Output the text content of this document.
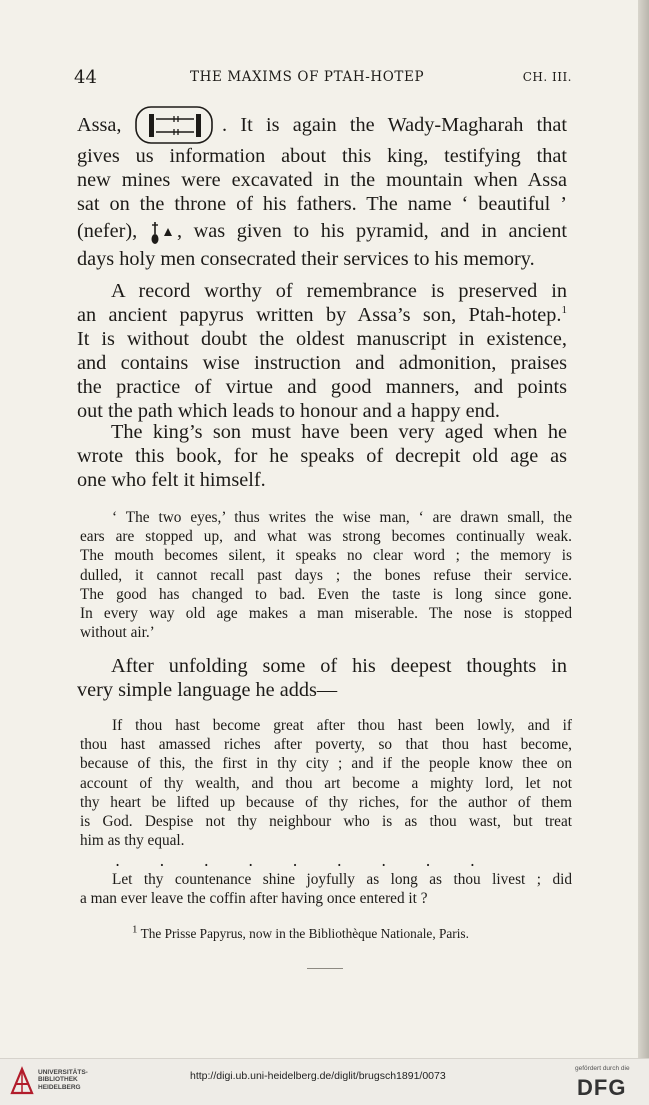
44	THE MAXIMS OF PTAH-HOTEP	CH. III.
Assa,	. It is again the Wady-Magharah that
gives us information about this king, testifying that
new mines were excavated in the mountain when Assa
sat on the throne of his fathers. The name ‘ beautiful ’
(nefer),	, was given to his pyramid, and in ancient
days holy men consecrated their services to his memory.
A record worthy of remembrance is preserved in
an ancient papyrus written by Assa’s son, Ptah-hotep.$^1$
It is without doubt the oldest manuscript in existence,
and contains wise instruction and admonition, praises
the practice of virtue and good manners, and points
out the path which leads to honour and a happy end.
The king’s son must have been very aged when he
wrote this book, for he speaks of decrepit old age as
one who felt it himself.
‘ The two eyes,’ thus writes the wise man, ‘ are drawn small, the
ears are stopped up, and what was strong becomes continually weak.
The mouth becomes silent, it speaks no clear word ; the memory is
dulled, it cannot recall past days ; the bones refuse their service.
The good has changed to bad. Even the taste is long since gone.
In every way old age makes a man miserable. The nose is stopped
without air.’
After unfolding some of his deepest thoughts in
very simple language he adds—
If thou hast become great after thou hast been lowly, and if
thou hast amassed riches after poverty, so that thou hast become,
because of this, the first in thy city ; and if the people know thee on
account of thy wealth, and thou art become a mighty lord, let not
thy heart be lifted up because of thy riches, for the author of them
is God. Despise not thy neighbour who is as thou wast, but treat
him as thy equal.
. . . . . . . . .
Let thy countenance shine joyfully as long as thou livest ; did
a man ever leave the coffin after having once entered it ?
$^1$ The Prisse Papyrus, now in the Bibliothèque Nationale, Paris.
UNIVERSITÄTS-
BIBLIOTHEK
HEIDELBERG
http://digi.ub.uni-heidelberg.de/diglit/brugsch1891/0073
gefördert durch die
DFG
